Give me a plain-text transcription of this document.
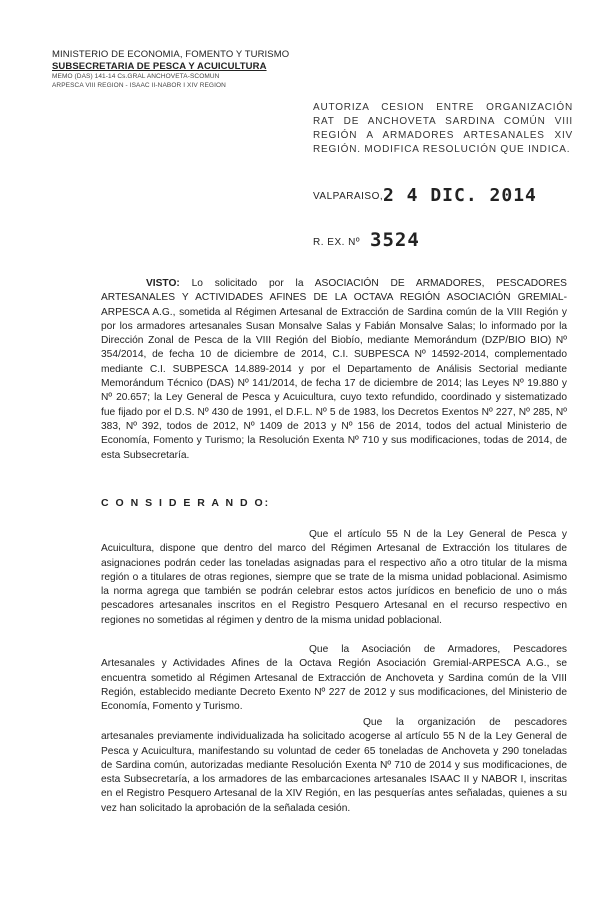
MINISTERIO DE ECONOMIA, FOMENTO Y TURISMO
SUBSECRETARIA DE PESCA Y ACUICULTURA
MEMO (DAS) 141-14 Cs.GRAL ANCHOVETA-SCOMUN
ARPESCA VIII REGION - ISAAC II-NABOR I XIV REGION
AUTORIZA CESION ENTRE ORGANIZACIÓN RAT DE ANCHOVETA SARDINA COMÚN VIII REGIÓN A ARMADORES ARTESANALES XIV REGIÓN. MODIFICA RESOLUCIÓN QUE INDICA.
VALPARAISO, 2 4 DIC. 2014
R. EX. Nº 3524
VISTO: Lo solicitado por la ASOCIACIÓN DE ARMADORES, PESCADORES ARTESANALES Y ACTIVIDADES AFINES DE LA OCTAVA REGIÓN ASOCIACIÓN GREMIAL-ARPESCA A.G., sometida al Régimen Artesanal de Extracción de Sardina común de la VIII Región y por los armadores artesanales Susan Monsalve Salas y Fabián Monsalve Salas; lo informado por la Dirección Zonal de Pesca de la VIII Región del Biobío, mediante Memorándum (DZP/BIO BIO) Nº 354/2014, de fecha 10 de diciembre de 2014, C.I. SUBPESCA Nº 14592-2014, complementado mediante C.I. SUBPESCA 14.889-2014 y por el Departamento de Análisis Sectorial mediante Memorándum Técnico (DAS) Nº 141/2014, de fecha 17 de diciembre de 2014; las Leyes Nº 19.880 y Nº 20.657; la Ley General de Pesca y Acuicultura, cuyo texto refundido, coordinado y sistematizado fue fijado por el D.S. Nº 430 de 1991, el D.F.L. Nº 5 de 1983, los Decretos Exentos Nº 227, Nº 285, Nº 383, Nº 392, todos de 2012, Nº 1409 de 2013 y Nº 156 de 2014, todos del actual Ministerio de Economía, Fomento y Turismo; la Resolución Exenta Nº 710 y sus modificaciones, todas de 2014, de esta Subsecretaría.
C O N S I D E R A N D O:
Que el artículo 55 N de la Ley General de Pesca y Acuicultura, dispone que dentro del marco del Régimen Artesanal de Extracción los titulares de asignaciones podrán ceder las toneladas asignadas para el respectivo año a otro titular de la misma región o a titulares de otras regiones, siempre que se trate de la misma unidad poblacional. Asimismo la norma agrega que también se podrán celebrar estos actos jurídicos en beneficio de uno o más pescadores artesanales inscritos en el Registro Pesquero Artesanal en el recurso respectivo en regiones no sometidas al régimen y dentro de la misma unidad poblacional.
Que la Asociación de Armadores, Pescadores Artesanales y Actividades Afines de la Octava Región Asociación Gremial-ARPESCA A.G., se encuentra sometido al Régimen Artesanal de Extracción de Anchoveta y Sardina común de la VIII Región, establecido mediante Decreto Exento Nº 227 de 2012 y sus modificaciones, del Ministerio de Economía, Fomento y Turismo.
Que la organización de pescadores artesanales previamente individualizada ha solicitado acogerse al artículo 55 N de la Ley General de Pesca y Acuicultura, manifestando su voluntad de ceder 65 toneladas de Anchoveta y 290 toneladas de Sardina común, autorizadas mediante Resolución Exenta Nº 710 de 2014 y sus modificaciones, de esta Subsecretaría, a los armadores de las embarcaciones artesanales ISAAC II y NABOR I, inscritas en el Registro Pesquero Artesanal de la XIV Región, en las pesquerías antes señaladas, quienes a su vez han solicitado la aprobación de la señalada cesión.
